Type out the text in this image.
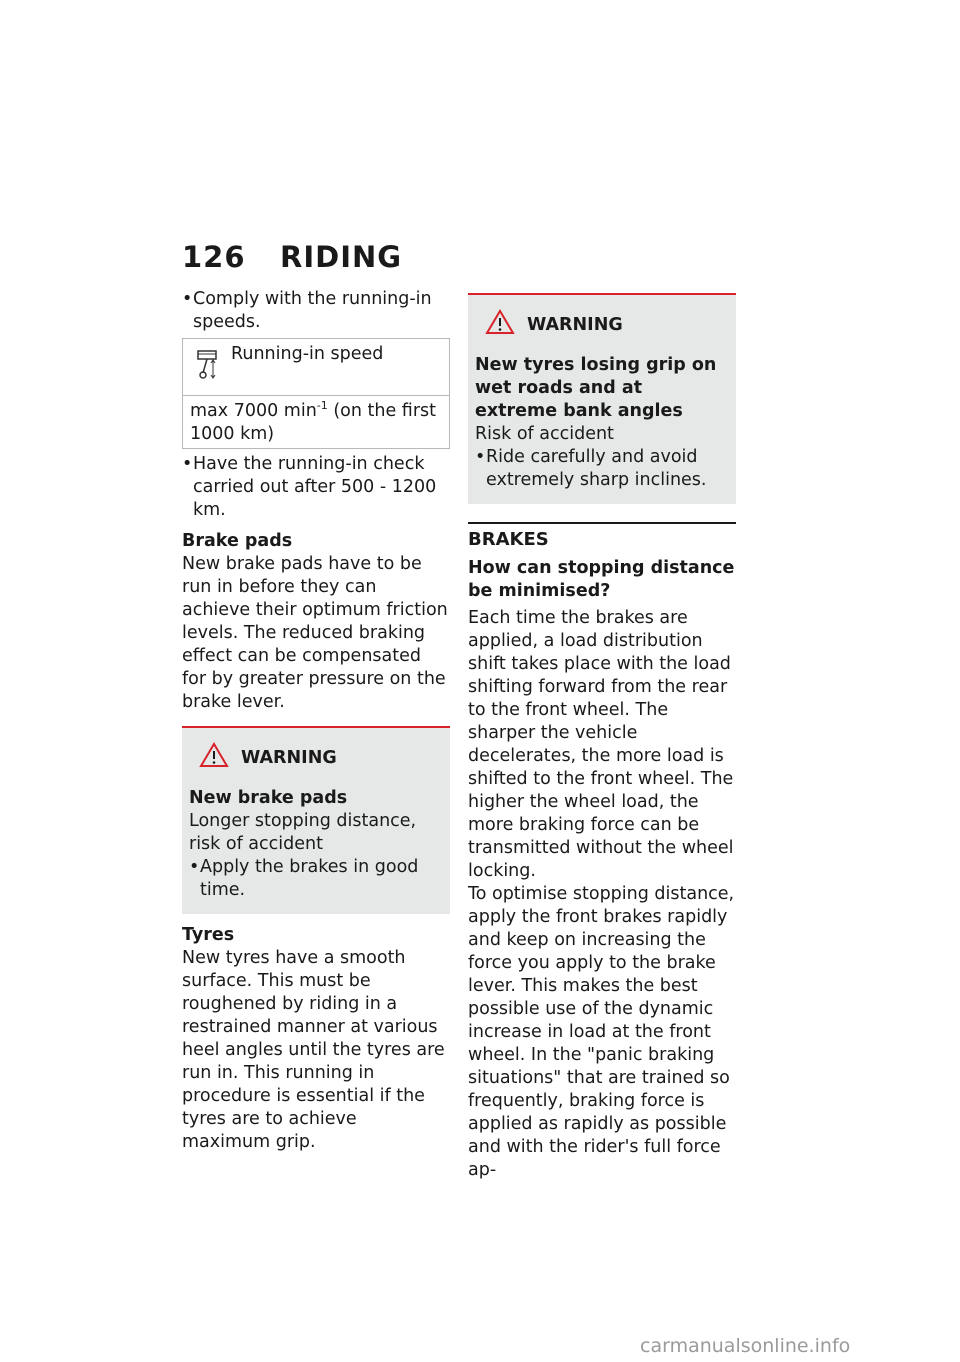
126 RIDING
• Comply with the running-in speeds.
Running-in speed
max 7000 $\min^{-1} (on$ the first 1000 km)
• Have the running-in check carried out after 500 - 1200 km.

Brake pads

New brake pads have to be run in before they can achieve their optimum friction levels. The reduced braking effect can be compensated for by greater pressure on the brake lever.

WARNING

New brake pads

Longer stopping distance, risk of accident

• Apply the brakes in good time.

Tyres

New tyres have a smooth surface. This must be roughened by riding in a restrained manner at various heel angles until the tyres are run in. This running in procedure is essential if the tyres are to achieve maximum grip.

WARNING

New tyres losing grip on wet roads and at extreme bank angles

Risk of accident

• Ride carefully and avoid extremely sharp inclines.
BRAKES

How can stopping distance be minimised?

Each time the brakes are applied, a load distribution shift takes place with the load shifting forward from the rear to the front wheel. The sharper the vehicle decelerates, the more load is shifted to the front wheel. The higher the wheel load, the more braking force can be transmitted without the wheel locking.

To optimise stopping distance, apply the front brakes rapidly and keep on increasing the force you apply to the brake lever. This makes the best possible use of the dynamic increase in load at the front wheel. In the "panic braking situations" that are trained so frequently, braking force is applied as rapidly as possible and with the rider's full force ap-

carmanualsonline.info
